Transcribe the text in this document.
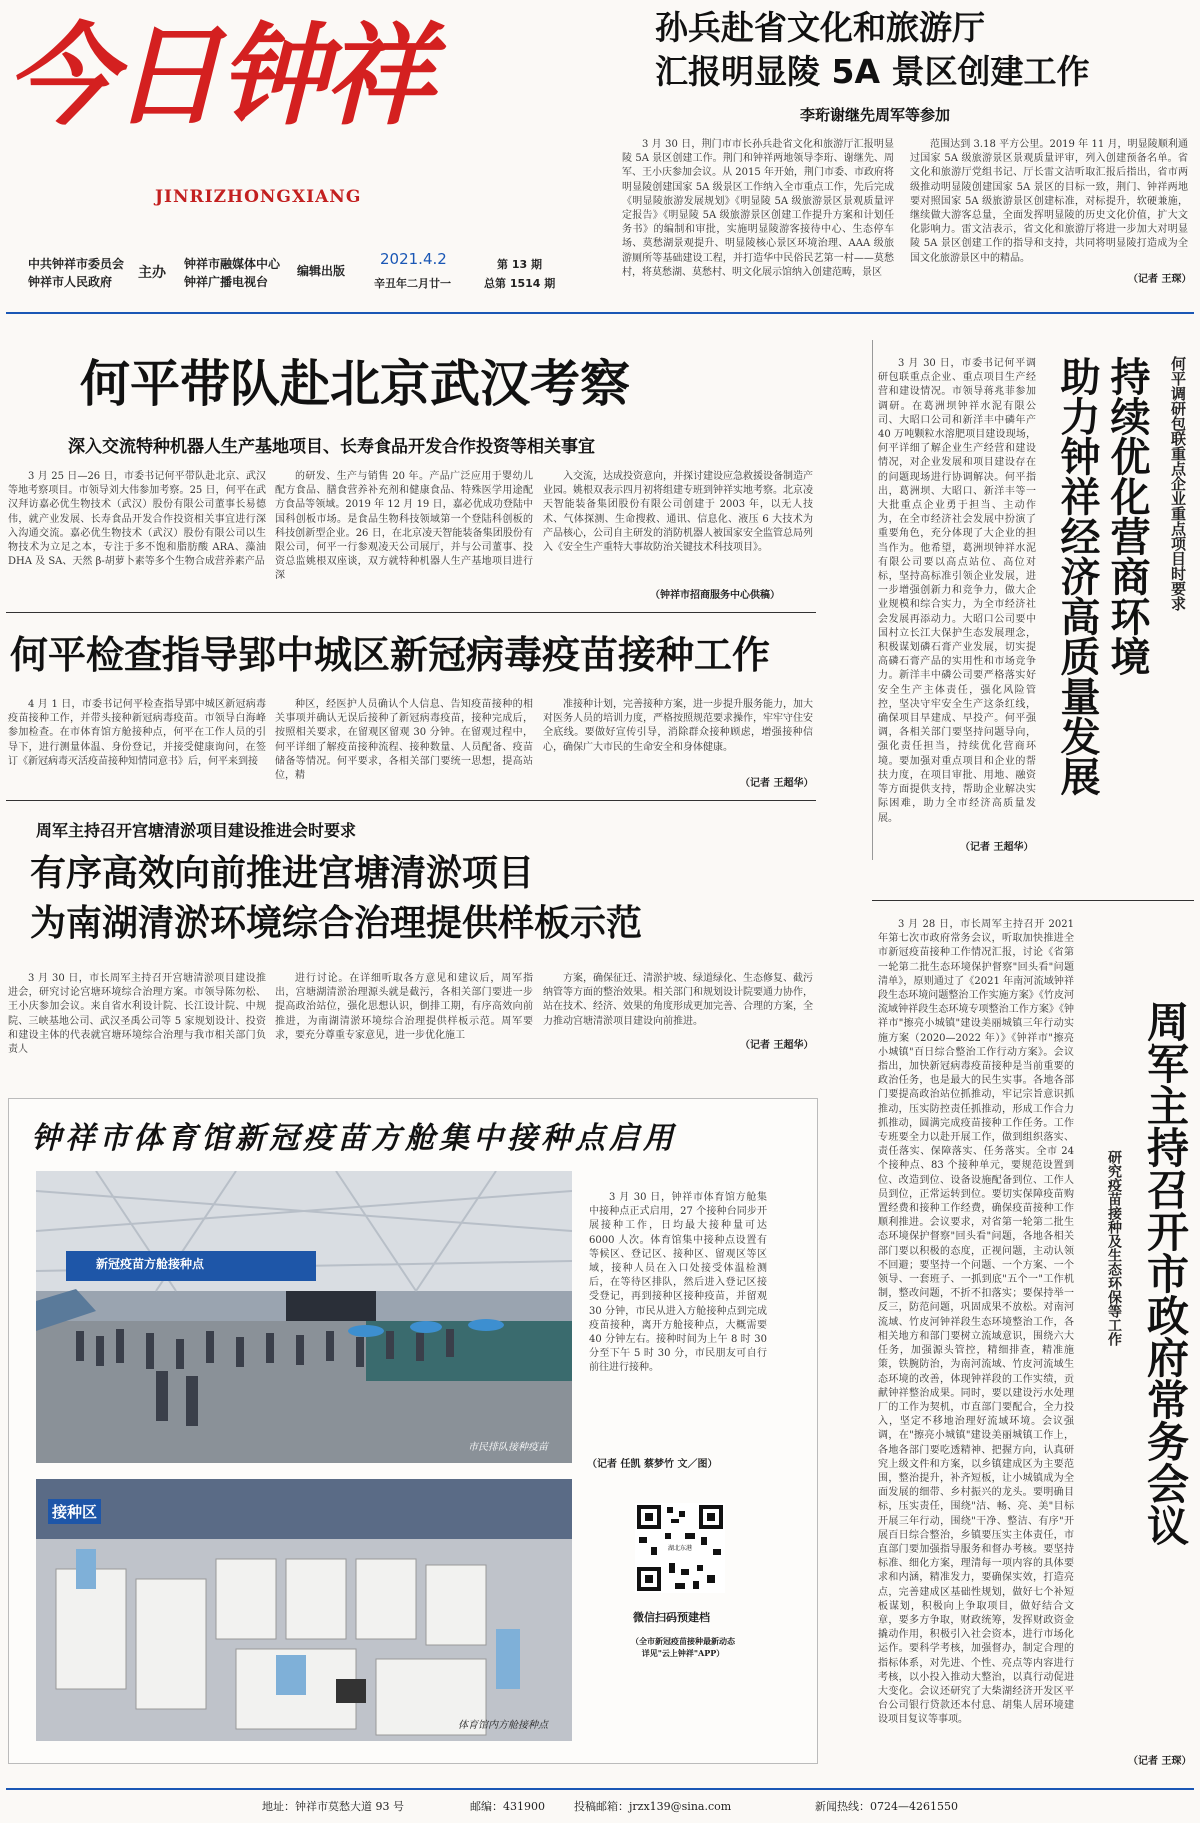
今日钟祥
JINRIZHONGXIANG
中共钟祥市委员会
钟祥市人民政府
主办
钟祥市融媒体中心
钟祥广播电视台
编辑出版
2021.4.2
辛丑年二月廿一
第 13 期
总第 1514 期
孙兵赴省文化和旅游厅
汇报明显陵 5A 景区创建工作
李珩谢继先周军等参加

3 月 30 日，荆门市市长孙兵赴省文化和旅游厅汇报明显陵 5A 景区创建工作。荆门和钟祥两地领导李珩、谢继先、周军、王小庆参加会议。从 2015 年开始，荆门市委、市政府将明显陵创建国家 5A 级景区工作纳入全市重点工作，先后完成《明显陵旅游发展规划》《明显陵 5A 级旅游景区景观质量评定报告》《明显陵 5A 级旅游景区创建工作提升方案和计划任务书》的编制和审批，实施明显陵游客接待中心、生态停车场、莫愁湖景观提升、明显陵核心景区环境治理、AAA 级旅游厕所等基础建设工程，并打造华中民俗民艺第一村——莫愁村，将莫愁湖、莫愁村、明文化展示馆纳入创建范畴，景区

范围达到 3.18 平方公里。2019 年 11 月，明显陵顺利通过国家 5A 级旅游景区景观质量评审，列入创建预备名单。省文化和旅游厅党组书记、厅长雷文洁听取汇报后指出，省市两级推动明显陵创建国家 5A 景区的目标一致，荆门、钟祥两地要对照国家 5A 级旅游景区创建标准，对标提升，软硬兼施，继续做大游客总量，全面发挥明显陵的历史文化价值，扩大文化影响力。雷文洁表示，省文化和旅游厅将进一步加大对明显陵 5A 景区创建工作的指导和支持，共同将明显陵打造成为全国文化旅游景区中的精品。

（记者 王琛）
何平带队赴北京武汉考察
深入交流特种机器人生产基地项目、长寿食品开发合作投资等相关事宜

3 月 25 日—26 日，市委书记何平带队赴北京、武汉等地考察项目。市领导刘大伟参加考察。25 日，何平在武汉拜访嘉必优生物技术（武汉）股份有限公司董事长易德伟，就产业发展、长寿食品开发合作投资相关事宜进行深入沟通交流。嘉必优生物技术（武汉）股份有限公司以生物技术为立足之本，专注于多不饱和脂肪酸 ARA、藻油 DHA 及 SA、天然 β-胡萝卜素等多个生物合成营养素产品

的研发、生产与销售 20 年。产品广泛应用于婴幼儿配方食品、膳食营养补充剂和健康食品、特殊医学用途配方食品等领域。2019 年 12 月 19 日，嘉必优成功登陆中国科创板市场。是食品生物科技领域第一个登陆科创板的科技创新型企业。26 日，在北京凌天智能装备集团股份有限公司，何平一行参观凌天公司展厅，并与公司董事、投资总监姚根双座谈，双方就特种机器人生产基地项目进行深

入交流，达成投资意向，并探讨建设应急救援设备制造产业园。姚根双表示四月初将组建专班到钟祥实地考察。北京凌天智能装备集团股份有限公司创建于 2003 年，以无人技术、气体探测、生命搜救、通讯、信息化、液压 6 大技术为产品核心，公司自主研发的消防机器人被国家安全监管总局列入《安全生产重特大事故防治关键技术科技项目》。

（钟祥市招商服务中心供稿）
何平检查指导郢中城区新冠病毒疫苗接种工作

4 月 1 日，市委书记何平检查指导郢中城区新冠病毒疫苗接种工作，并带头接种新冠病毒疫苗。市领导白海峰参加检查。在市体育馆方舱接种点，何平在工作人员的引导下，进行测量体温、身份登记，并接受健康询问，在签订《新冠病毒灭活疫苗接种知情同意书》后，何平来到接

种区，经医护人员确认个人信息、告知疫苗接种的相关事项并确认无误后接种了新冠病毒疫苗，接种完成后，按照相关要求，在留观区留观 30 分钟。在留观过程中，何平详细了解疫苗接种流程、接种数量、人员配备、疫苗储备等情况。何平要求，各相关部门要统一思想，提高站位，精

准接种计划，完善接种方案，进一步提升服务能力，加大对医务人员的培训力度，严格按照规范要求操作，牢牢守住安全底线。要做好宣传引导，消除群众接种顾虑，增强接种信心，确保广大市民的生命安全和身体健康。

（记者 王超华）
周军主持召开宫塘清淤项目建设推进会时要求
有序高效向前推进宫塘清淤项目
为南湖清淤环境综合治理提供样板示范

3 月 30 日，市长周军主持召开宫塘清淤项目建设推进会，研究讨论宫塘环境综合治理方案。市领导陈勿松、王小庆参加会议。来自省水利设计院、长江设计院、中规院、三峡基地公司、武汉圣禹公司等 5 家规划设计、投资和建设主体的代表就宫塘环境综合治理与我市相关部门负责人

进行讨论。在详细听取各方意见和建议后，周军指出，宫塘湖清淤治理源头就是截污，各相关部门要进一步提高政治站位，强化思想认识，倒排工期，有序高效向前推进，为南湖清淤环境综合治理提供样板示范。周军要求，要充分尊重专家意见，进一步优化施工

方案，确保征迁、清淤护坡、绿道绿化、生态修复、截污纳管等方面的整治效果。相关部门和规划设计院要通力协作，站在技术、经济、效果的角度形成更加完善、合理的方案，全力推动宫塘清淤项目建设向前推进。

（记者 王超华）
钟祥市体育馆新冠疫苗方舱集中接种点启用
新冠疫苗方舱接种点
市民排队接种疫苗
接种区
体育馆内方舱接种点

3 月 30 日，钟祥市体育馆方舱集中接种点正式启用，27 个接种台同步开展接种工作，日均最大接种量可达 6000 人次。体育馆集中接种点设置有等候区、登记区、接种区、留观区等区域，接种人员在入口处接受体温检测后，在等待区排队，然后进入登记区接受登记，再到接种区接种疫苗，并留观 30 分钟，市民从进入方舱接种点到完成疫苗接种，离开方舱接种点，大概需要 40 分钟左右。接种时间为上午 8 时 30 分至下午 5 时 30 分，市民朋友可自行前往进行接种。

（记者 任凯 蔡梦竹 文／图）
湖北东港
微信扫码预建档
（全市新冠疫苗接种最新动态详见"云上钟祥"APP）

3 月 30 日，市委书记何平调研包联重点企业、重点项目生产经营和建设情况。市领导蒋兆菲参加调研。在葛洲坝钟祥水泥有限公司、大昭口公司和新洋丰中磷年产 40 万吨颗粒水溶肥项目建设现场，何平详细了解企业生产经营和建设情况，对企业发展和项目建设存在的问题现场进行协调解决。何平指出，葛洲坝、大昭口、新洋丰等一大批重点企业勇于担当、主动作为，在全市经济社会发展中扮演了重要角色，充分体现了大企业的担当作为。他希望，葛洲坝钟祥水泥有限公司要以高点站位、高位对标，坚持高标准引领企业发展，进一步增强创新力和竞争力，做大企业规模和综合实力，为全市经济社会发展再添动力。大昭口公司要中国村立长江大保护生态发展理念，积极谋划磷石膏产业发展，切实提高磷石膏产品的实用性和市场竞争力。新洋丰中磷公司要严格落实好安全生产主体责任，强化风险管控，坚决守牢安全生产这条红线，确保项目早建成、早投产。何平强调，各相关部门要坚持问题导向，强化责任担当，持续优化营商环境。要加强对重点项目和企业的帮扶力度，在项目审批、用地、融资等方面提供支持，帮助企业解决实际困难，助力全市经济高质量发展。

（记者 王超华）
持续优化营商环境
助力钟祥经济高质量发展	何平调研包联重点企业重点项目时要求

3 月 28 日，市长周军主持召开 2021 年第七次市政府常务会议，听取加快推进全市新冠疫苗接种工作情况汇报，讨论《省第一轮第二批生态环境保护督察"回头看"问题清单》，原则通过了《2021 年南河流域钟祥段生态环境问题整治工作实施方案》《竹皮河流域钟祥段生态环境专项整治工作方案》《钟祥市"擦亮小城镇"建设美丽城镇三年行动实施方案（2020—2022 年）》《钟祥市"擦亮小城镇"百日综合整治工作行动方案》。会议指出，加快新冠病毒疫苗接种是当前重要的政治任务，也是最大的民生实事。各地各部门要提高政治站位抓推动，牢记宗旨意识抓推动，压实防控责任抓推动，形成工作合力抓推动，圆满完成疫苗接种工作任务。工作专班要全力以赴开展工作，做到组织落实、责任落实、保障落实、任务落实。全市 24 个接种点、83 个接种单元，要规范设置到位、改造到位、设备设施配备到位、工作人员到位，正常运转到位。要切实保障疫苗购置经费和接种工作经费，确保疫苗接种工作顺利推进。会议要求，对省第一轮第二批生态环境保护督察"回头看"问题，各地各相关部门要以积极的态度，正视问题，主动认领不回避；要坚持一个问题、一个方案、一个领导、一套班子、一抓到底"五个一"工作机制，整改问题，不折不扣落实；要保持举一反三，防范问题，巩固成果不放松。对南河流域、竹皮河钟祥段生态环境整治工作，各相关地方和部门要树立流域意识，围绕六大任务，加强源头管控，精细排查，精准施策，铁腕防治，为南河流域、竹皮河流域生态环境的改善，体现钟祥段的工作实绩，贡献钟祥整治成果。同时，要以建设污水处理厂的工作为契机，市直部门要配合，全力投入，坚定不移地治理好流域环境。会议强调，在"擦亮小城镇"建设美丽城镇工作上，各地各部门要吃透精神、把握方向，认真研究上级文件和方案，以乡镇建成区为主要范围，整治提升，补齐短板，让小城镇成为全面发展的细带、乡村振兴的龙头。要明确目标，压实责任，围绕"洁、畅、亮、美"目标开展三年行动，围绕"干净、整洁、有序"开展百日综合整治，乡镇要压实主体责任，市直部门要加强指导服务和督办考核。要坚持标准、细化方案，理清每一项内容的具体要求和内涵，精准发力，要确保实效，打造亮点，完善建成区基础性规划，做好七个补短板谋划，积极向上争取项目，做好结合文章，要多方争取，财政统筹，发挥财政资金撬动作用，积极引入社会资本，进行市场化运作。要科学考核，加强督办，制定合理的指标体系，对先进、个性、亮点等内容进行考核，以小投入推动大整治，以真行动促进大变化。会议还研究了大柴湖经济开发区平台公司银行贷款还本付息、胡集人居环境建设项目复议等事项。

（记者 王琛）
周军主持召开市政府常务会议
研究疫苗接种及生态环保等工作
地址：钟祥市莫愁大道 93 号	邮编：431900	投稿邮箱：jrzx139@sina.com	新闻热线：0724—4261550
